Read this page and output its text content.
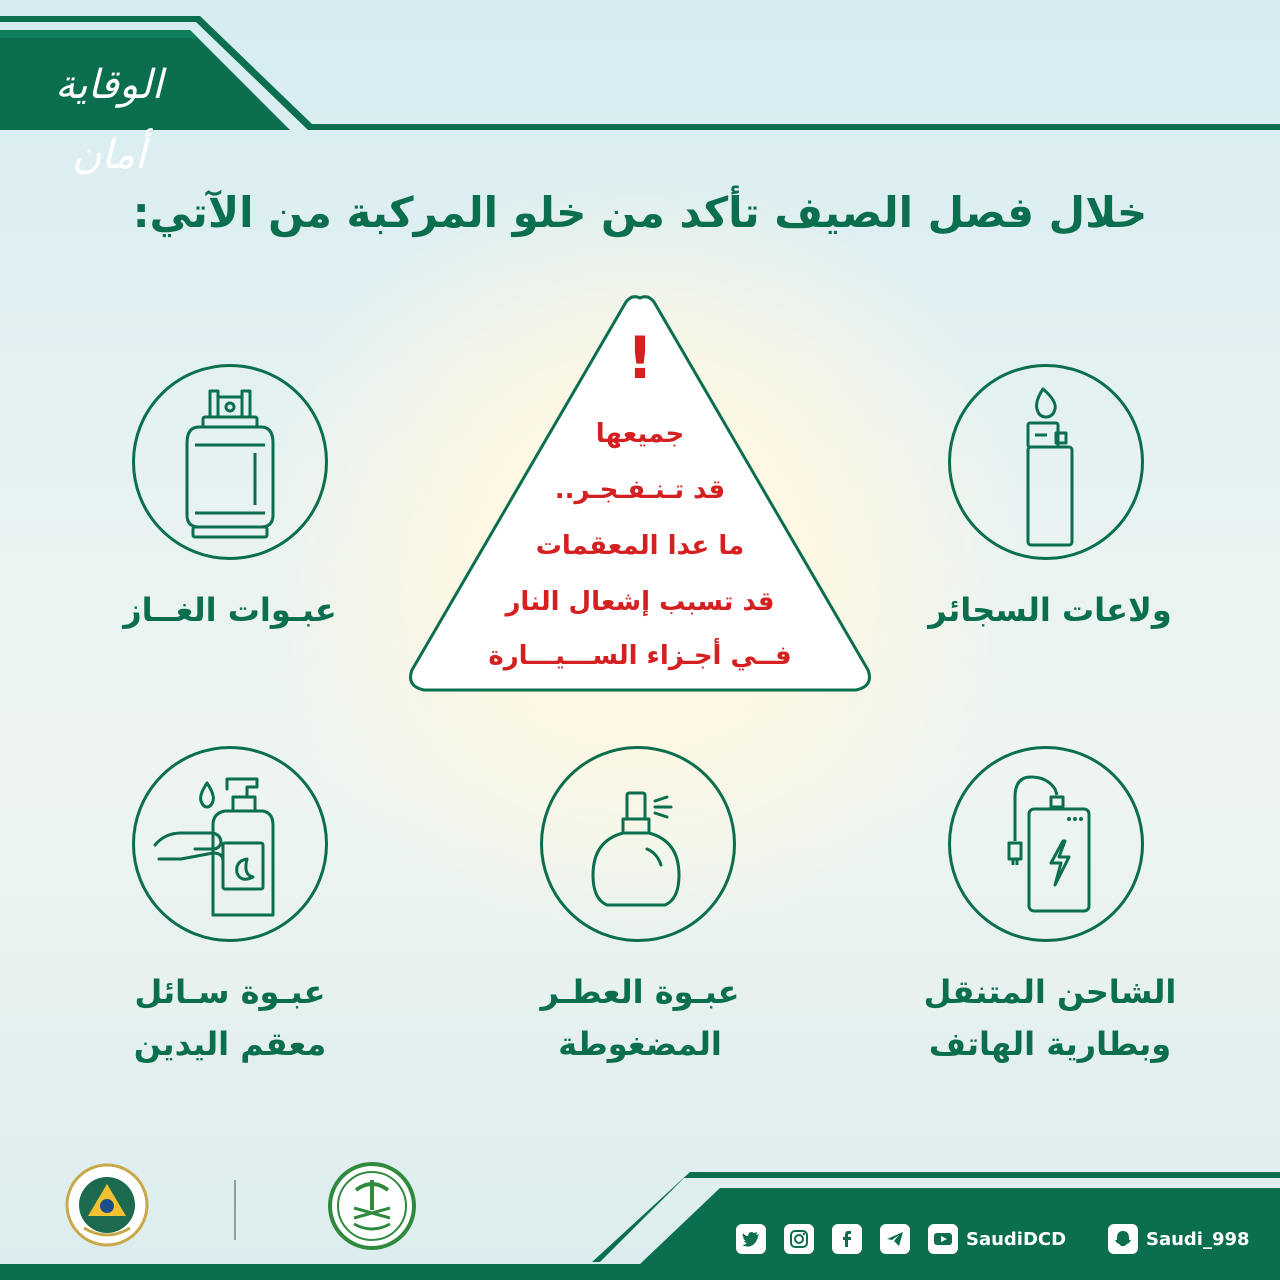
الوقاية أمان
خلال فصل الصيف تأكد من خلو المركبة من الآتي:
!
جميعها
قد تـنـفـجـر..
ما عدا المعقمات
قد تسبب إشعال النار
فــي أجـزاء الســـيـــارة
ولاعات السجائر
عبـوات الغــاز
الشاحن المتنقل
وبطارية الهاتف
عبـوة العطـر
المضغوطة
عبـوة سـائل
معقم اليدين
Saudi_998
SaudiDCD
